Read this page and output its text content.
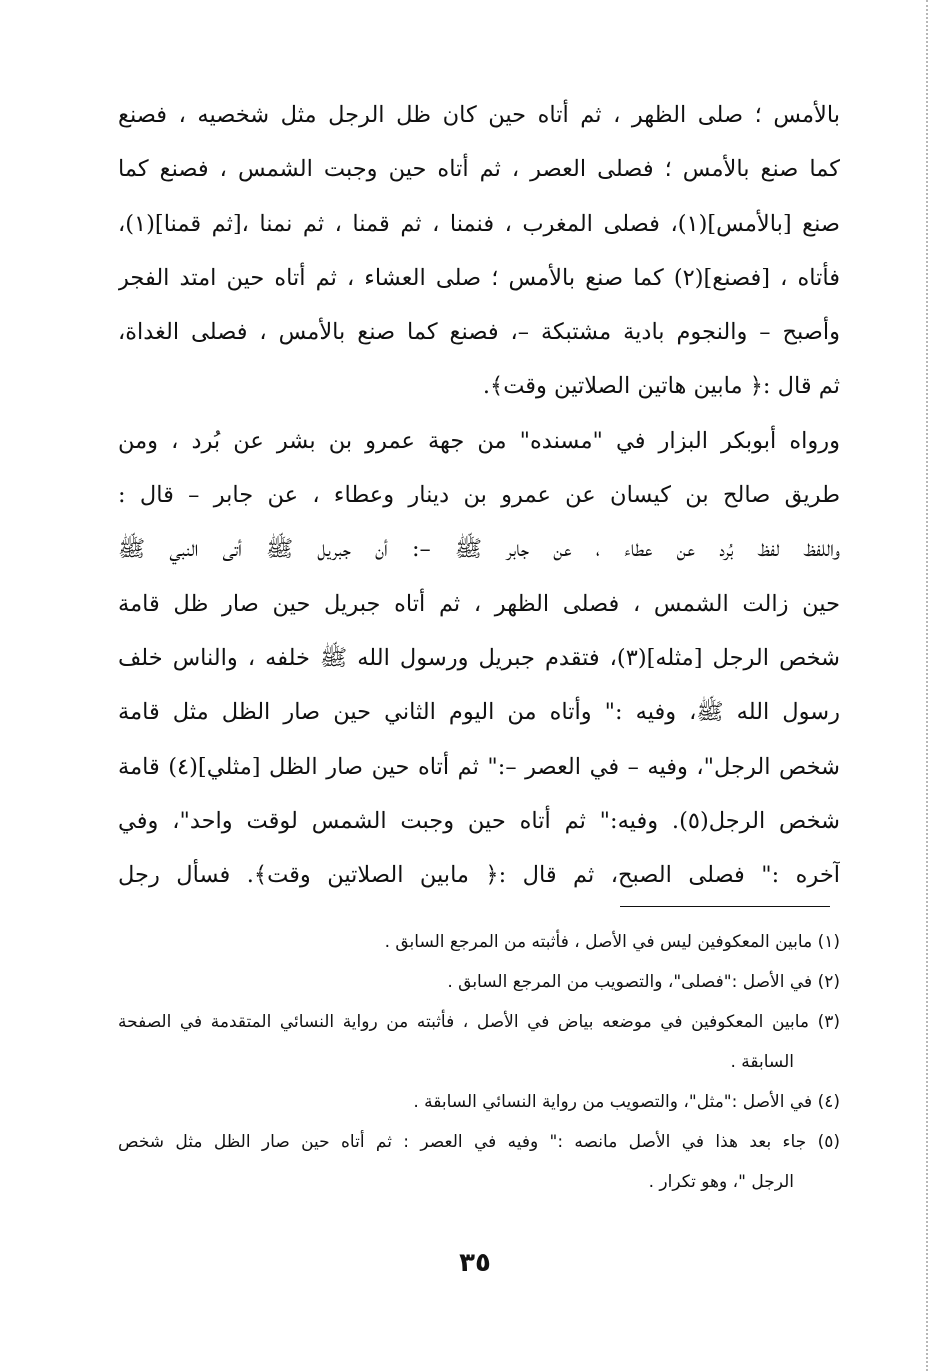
بالأمس ؛ صلى الظهر ، ثم أتاه حين كان ظل الرجل مثل شخصيه ، فصنع
كما صنع بالأمس ؛ فصلى العصر ، ثم أتاه حين وجبت الشمس ، فصنع كما
صنع [بالأمس](١)، فصلى المغرب ، فنمنا ، ثم قمنا ، ثم نمنا ،[ثم قمنا](١)،
فأتاه ، [فصنع](٢) كما صنع بالأمس ؛ صلى العشاء ، ثم أتاه حين امتد الفجر
وأصبح – والنجوم بادية مشتبكة –، فصنع كما صنع بالأمس ، فصلى الغداة،
ثم قال :﴿ مابين هاتين الصلاتين وقت﴾.
ورواه أبوبكر البزار في "مسنده" من جهة عمرو بن بشر عن بُرد ، ومن
طريق صالح بن كيسان عن عمرو بن دينار وعطاء ، عن جابر – قال :
واللفظ لفظ بُرد عن عطاء ، عن جابر ﷺ –: أن جبريل ﷺ أتى النبي ﷺ
حين زالت الشمس ، فصلى الظهر ، ثم أتاه جبريل حين صار ظل قامة
شخص الرجل [مثله](٣)، فتقدم جبريل ورسول الله ﷺ خلفه ، والناس خلف
رسول الله ﷺ، وفيه :" وأتاه من اليوم الثاني حين صار الظل مثل قامة
شخص الرجل"، وفيه – في العصر –:" ثم أتاه حين صار الظل [مثلي](٤) قامة
شخص الرجل(٥). وفيه:" ثم أتاه حين وجبت الشمس لوقت واحد"، وفي
آخره :" فصلى الصبح، ثم قال :﴿ مابين الصلاتين وقت﴾. فسأل رجل
(١) مابين المعكوفين ليس في الأصل ، فأثبته من المرجع السابق .
(٢) في الأصل :"فصلى"، والتصويب من المرجع السابق .
(٣) مابين المعكوفين في موضعه بياض في الأصل ، فأثبته من رواية النسائي المتقدمة في الصفحة
السابقة .
(٤) في الأصل :"مثل"، والتصويب من رواية النسائي السابقة .
(٥) جاء بعد هذا في الأصل مانصه :" وفيه في العصر : ثم أتاه حين صار الظل مثل شخص
الرجل "، وهو تكرار .
٣٥
